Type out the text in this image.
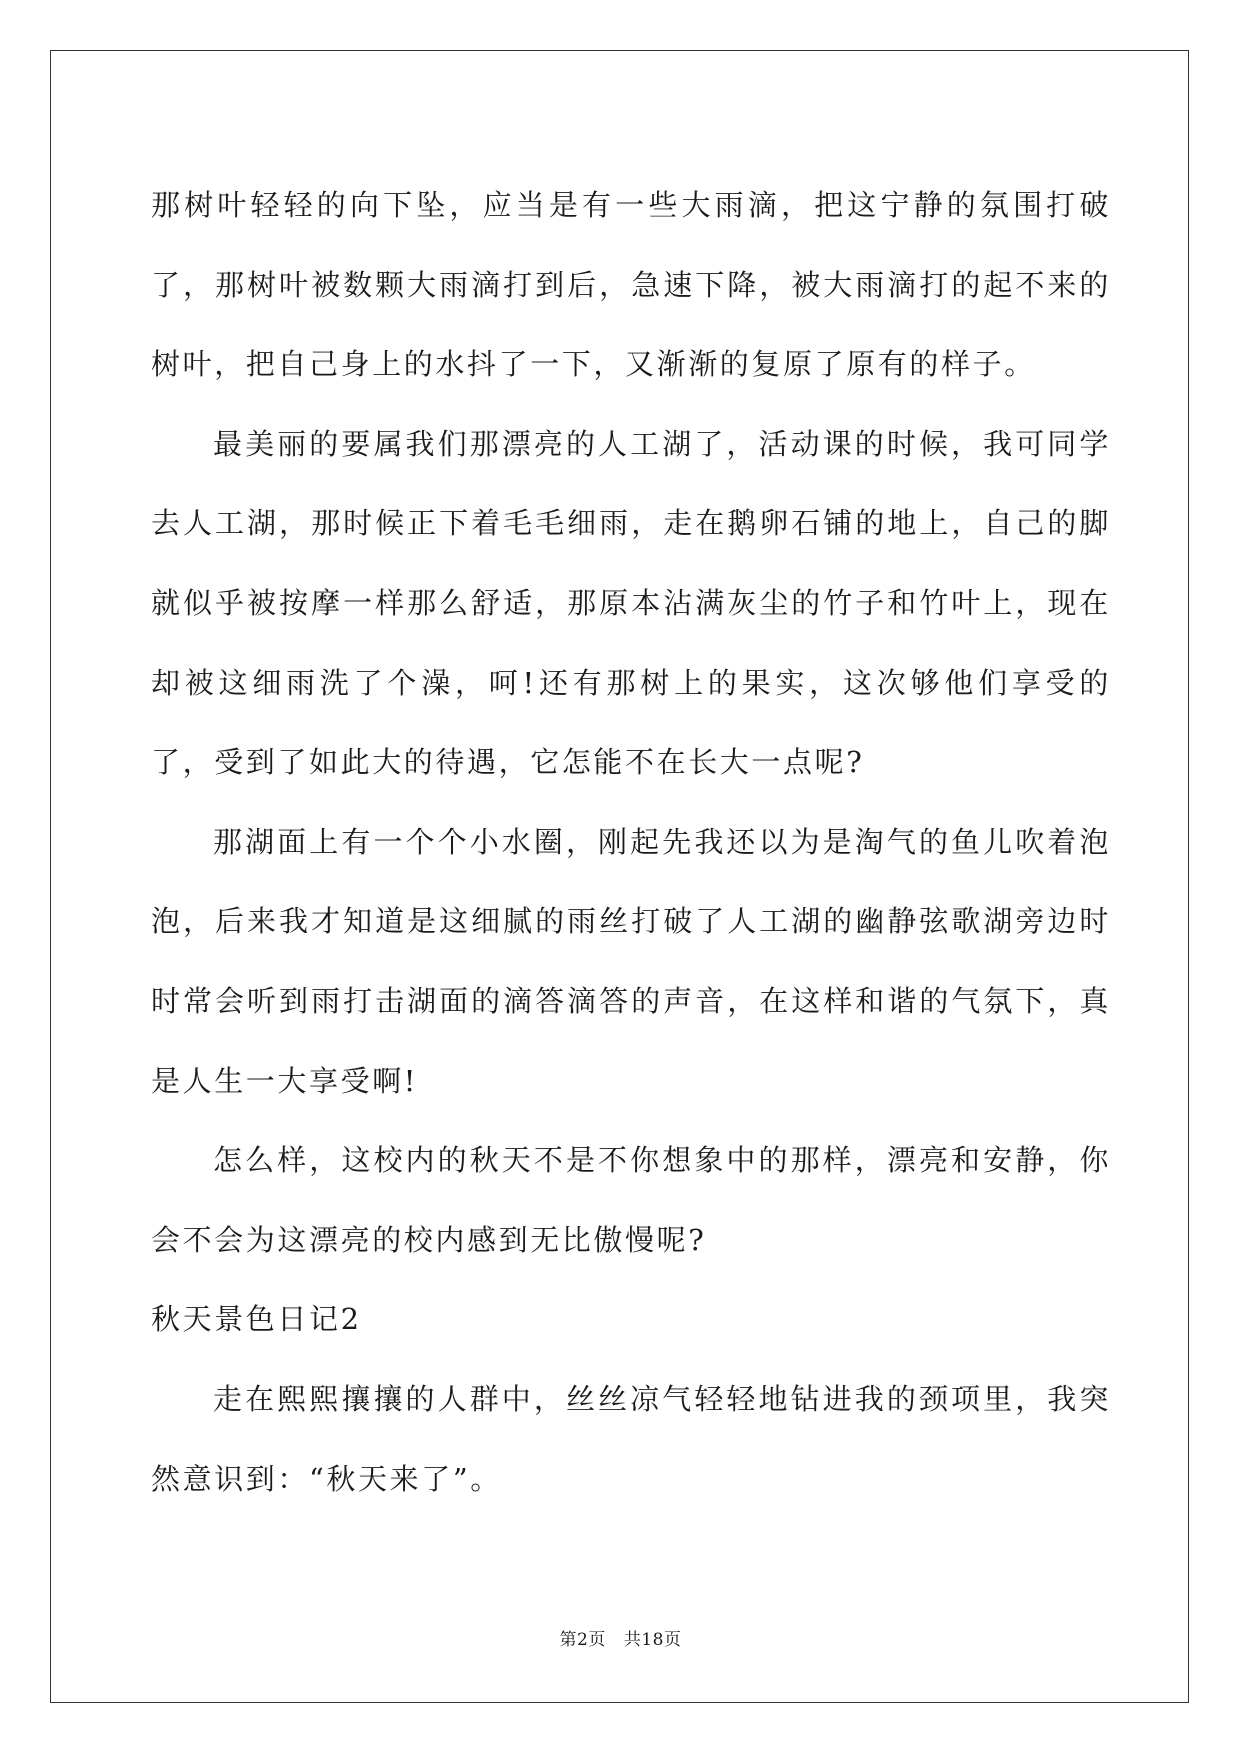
那树叶轻轻的向下坠，应当是有一些大雨滴，把这宁静的氛围打破了，那树叶被数颗大雨滴打到后，急速下降，被大雨滴打的起不来的树叶，把自己身上的水抖了一下，又渐渐的复原了原有的样子。

最美丽的要属我们那漂亮的人工湖了，活动课的时候，我可同学去人工湖，那时候正下着毛毛细雨，走在鹅卵石铺的地上，自己的脚就似乎被按摩一样那么舒适，那原本沾满灰尘的竹子和竹叶上，现在却被这细雨洗了个澡，呵!还有那树上的果实，这次够他们享受的了，受到了如此大的待遇，它怎能不在长大一点呢?

那湖面上有一个个小水圈，刚起先我还以为是淘气的鱼儿吹着泡泡，后来我才知道是这细腻的雨丝打破了人工湖的幽静弦歌湖旁边时时常会听到雨打击湖面的滴答滴答的声音，在这样和谐的气氛下，真是人生一大享受啊!

怎么样，这校内的秋天不是不你想象中的那样，漂亮和安静，你会不会为这漂亮的校内感到无比傲慢呢?

秋天景色日记2

走在熙熙攘攘的人群中，丝丝凉气轻轻地钻进我的颈项里，我突然意识到：“秋天来了”。

第2页 共18页
